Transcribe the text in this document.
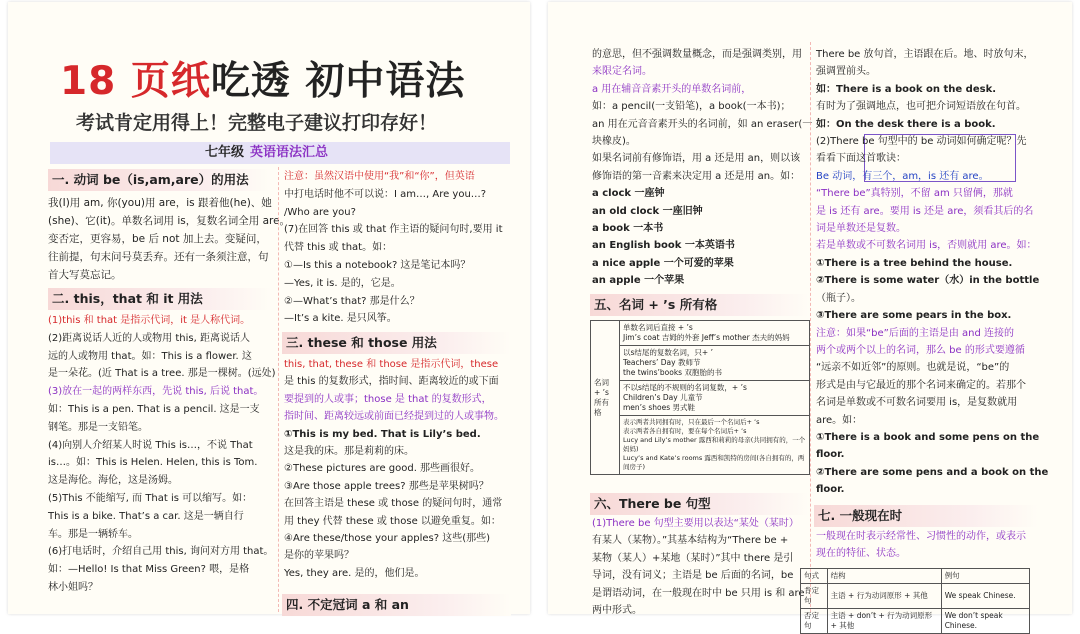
18 页纸吃透 初中语法
考试肯定用得上！完整电子建议打印存好！
七年级 英语语法汇总
一. 动词 be（is,am,are）的用法
我(I)用 am, 你(you)用 are，is 跟着他(he)、她
(she)、它(it)。单数名词用 is，复数名词全用 are。
变否定，更容易，be 后 not 加上去。变疑问，
往前提，句末问号莫丢弃。还有一条须注意，句
首大写莫忘记。
二. this，that 和 it 用法
(1)this 和 that 是指示代词，it 是人称代词。
(2)距离说话人近的人或物用 this, 距离说话人
远的人或物用 that。如：This is a flower. 这
是一朵花。(近 That is a tree. 那是一棵树。(远处)
(3)放在一起的两样东西，先说 this, 后说 that。
如：This is a pen. That is a pencil. 这是一支
钢笔。那是一支铅笔。
(4)向别人介绍某人时说 This is…，不说 That
is…。如：This is Helen. Helen, this is Tom.
这是海伦。海伦，这是汤姆。
(5)This 不能缩写, 而 That is 可以缩写。如：
This is a bike. That’s a car. 这是一辆自行
车。那是一辆轿车。
(6)打电话时，介绍自己用 this, 询问对方用 that。
如：—Hello! Is that Miss Green? 喂，是格
林小姐吗？
注意：虽然汉语中使用“我”和“你”，但英语
中打电话时他不可以说：I am…, Are you…?
/Who are you?
(7)在回答 this 或 that 作主语的疑问句时,要用 it
代替 this 或 that。如：
①—Is this a notebook? 这是笔记本吗？
—Yes, it is. 是的，它是。
②—What’s that? 那是什么？
—It’s a kite. 是只风筝。
三. these 和 those 用法
this, that, these 和 those 是指示代词，these
是 this 的复数形式，指时间、距离较近的或下面
要提到的人或事；those 是 that 的复数形式，
指时间、距离较远或前面已经提到过的人或事物。
①This is my bed. That is Lily’s bed.
这是我的床。那是莉莉的床。
②These pictures are good. 那些画很好。
③Are those apple trees? 那些是苹果树吗？
在回答主语是 these 或 those 的疑问句时，通常
用 they 代替 these 或 those 以避免重复。如：
④Are these/those your apples? 这些(那些)
是你的苹果吗？
Yes, they are. 是的，他们是。
四. 不定冠词 a 和 an
的意思，但不强调数量概念，而是强调类别，用
来限定名词。
a 用在辅音音素开头的单数名词前，
如：a pencil(一支铅笔)，a book(一本书)；
an 用在元音音素开头的名词前，如 an eraser(一
块橡皮)。
如果名词前有修饰语，用 a 还是用 an，则以该
修饰语的第一音素来决定用 a 还是用 an。如：
a clock 一座钟
an old clock 一座旧钟
a book 一本书
an English book 一本英语书
a nice apple 一个可爱的苹果
an apple 一个苹果
五、名词 + ’s 所有格
名词 + ’s 所有格	
单数名词后直接 + ’s
Jim’s coat 吉姆的外套 Jeff’s mother 杰夫的妈妈

以s结尾的复数名词，只+ ’
Teachers’ Day 教师节
the twins’books 双胞胎的书

不以s结尾的不规则的名词复数，+ ’s
Children’s Day 儿童节
men’s shoes 男式鞋

表示两者共同拥有时，只在最后一个名词后+ ’s
表示两者各自拥有时，要在每个名词后+ ’s
Lucy and Lily’s mother 露西和莉莉的母亲(共同拥有的，一个妈妈)
Lucy’s and Kate’s rooms 露西和凯特的房间(各自拥有的，两间房子)
六、There be 句型
(1)There be 句型主要用以表达“某处（某时）
有某人（某物）。”其基本结构为“There be +
某物（某人）+某地（某时）”其中 there 是引
导词，没有词义；主语是 be 后面的名词，be
是谓语动词，在一般现在时中 be 只用 is 和 are
两中形式。
There be 放句首，主语跟在后。地、时放句末，
强调置前头。
如：There is a book on the desk.
有时为了强调地点，也可把介词短语放在句首。
如：On the desk there is a book.
(2)There be 句型中的 be 动词如何确定呢？先
看看下面这首歌诀：
Be 动词，有三个，am，is 还有 are。
“There be”真特别，不留 am 只留俩，那就
是 is 还有 are。要用 is 还是 are，须看其后的名
词是单数还是复数。
若是单数或不可数名词用 is，否则就用 are。如：
①There is a tree behind the house.
②There is some water（水）in the bottle
（瓶子）。
③There are some pears in the box.
注意：如果“be”后面的主语是由 and 连接的
两个或两个以上的名词，那么 be 的形式要遵循
“远亲不如近邻”的原则。也就是说，“be”的
形式是由与它最近的那个名词来确定的。若那个
名词是单数或不可数名词要用 is，是复数就用
are。如：
①There is a book and some pens on the
floor.
②There are some pens and a book on the
floor.
七. 一般现在时
一般现在时表示经常性、习惯性的动作，或表示
现在的特征、状态。
句式	结构	例句
肯定句	主语 + 行为动词原形 + 其他	We speak Chinese.
否定句	主语 + don’t + 行为动词原形 + 其他	We don’t speak Chinese.
